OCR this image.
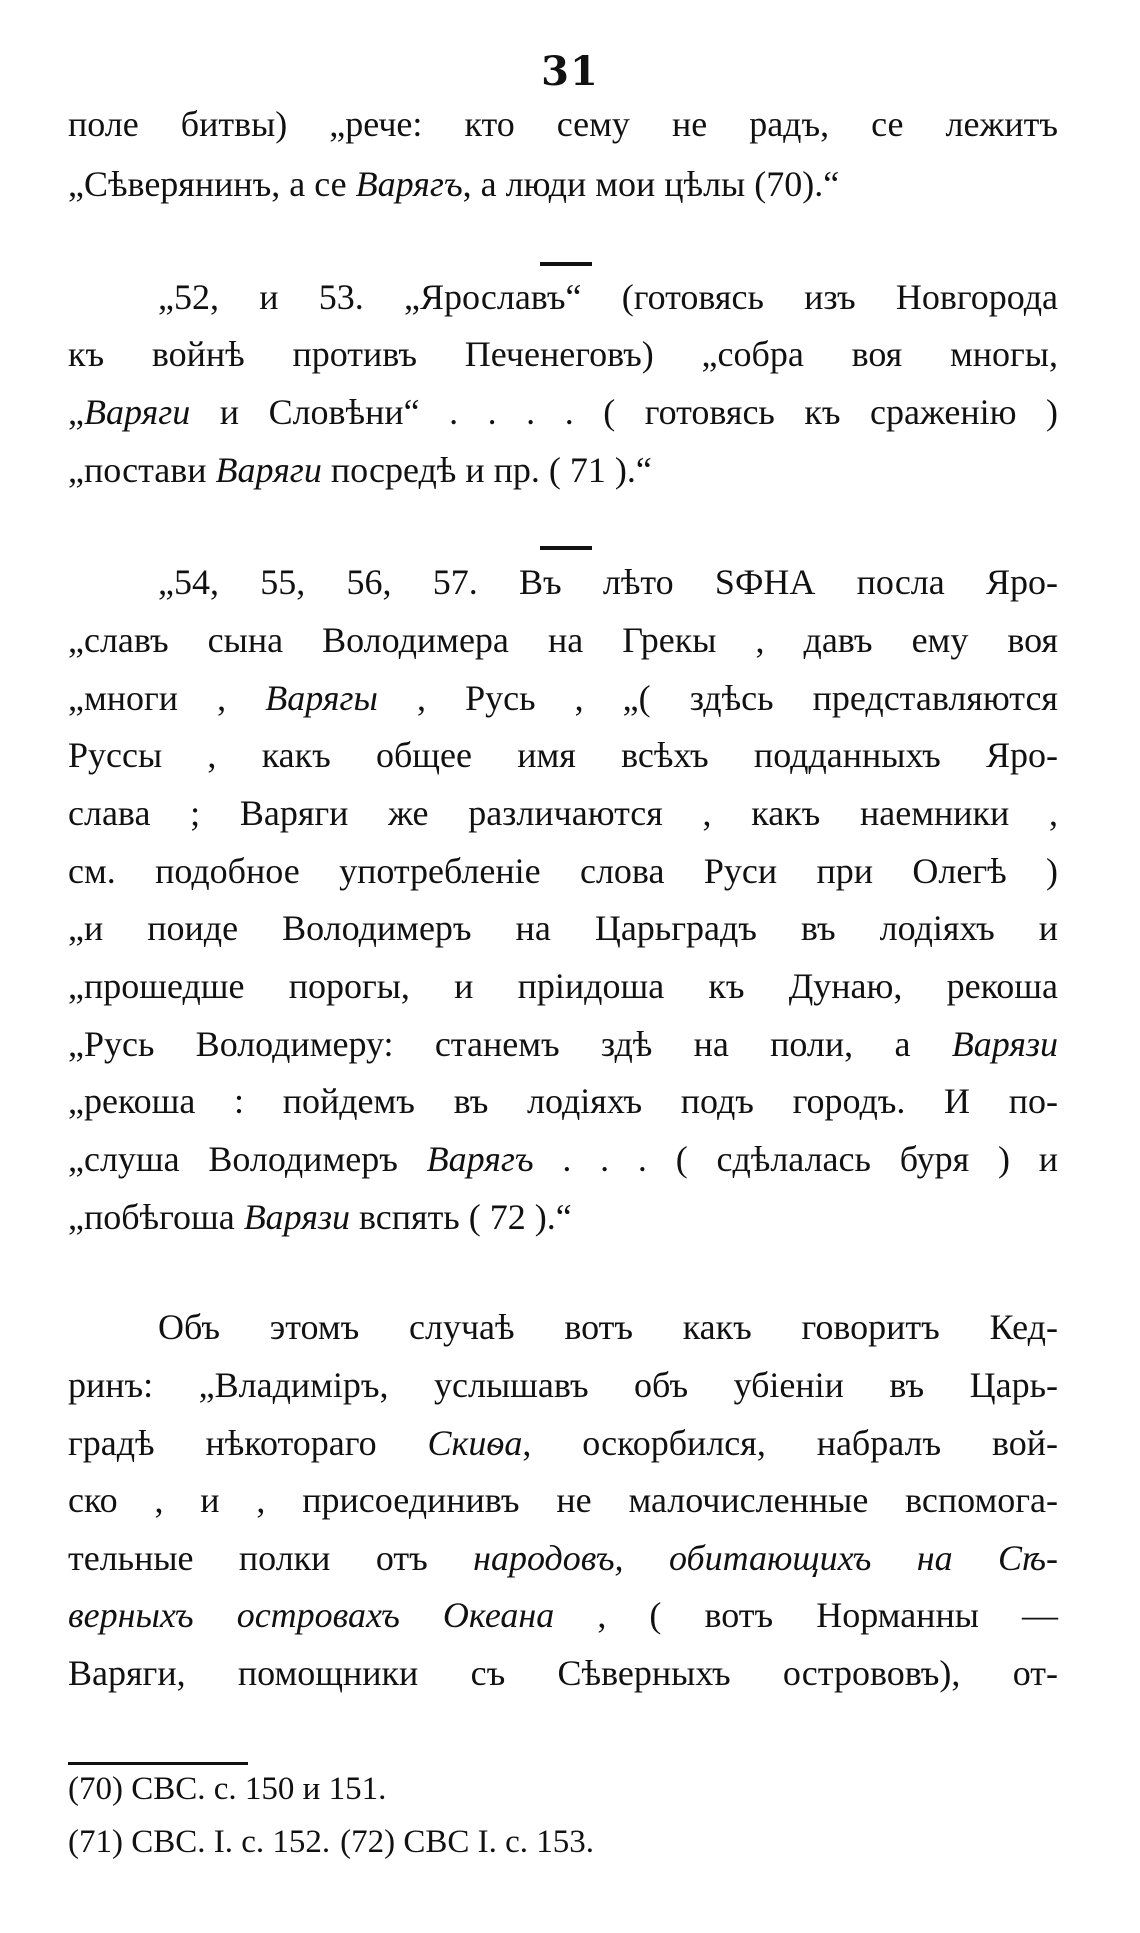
31
поле битвы) „рече: кто сему не радъ, се лежитъ
„Сѣверянинъ, а се Варягъ, а люди мои цѣлы (70).“
„52, и 53. „Ярославъ“ (готовясь изъ Новгорода
къ войнѣ противъ Печенеговъ) „собра воя многы,
„Варяги и Словѣни“ . . . . ( готовясь къ сраженію )
„постави Варяги посредѣ и пр. ( 71 ).“
„54, 55, 56, 57. Въ лѣто SФНА посла Яро-
„славъ сына Володимера на Грекы , давъ ему воя
„многи , Варягы , Русь , „( здѣсь представляются
Руссы , какъ общее имя всѣхъ подданныхъ Яро-
слава ; Варяги же различаются , какъ наемники ,
см. подобное употребленіе слова Руси при Олегѣ )
„и поиде Володимеръ на Царьградъ въ лодіяхъ и
„прошедше порогы, и пріидоша къ Дунаю, рекоша
„Русь Володимеру: станемъ здѣ на поли, а Варязи
„рекоша : пойдемъ въ лодіяхъ подъ городъ. И по-
„слуша Володимеръ Варягъ . . . ( сдѣлалась буря ) и
„побѣгоша Варязи вспять ( 72 ).“
Объ этомъ случаѣ вотъ какъ говоритъ Кед-
ринъ: „Владиміръ, услышавъ объ убіеніи въ Царь-
градѣ нѣкотораго Скиѳа, оскорбился, набралъ вой-
ско , и , присоединивъ не малочисленные вспомога-
тельные полки отъ народовъ, обитающихъ на Сѣ-
верныхъ островахъ Океана , ( вотъ Норманны —
Варяги, помощники съ Сѣверныхъ острововъ), от-
(70) СВС. с. 150 и 151.
(71) СВС. I. с. 152. (72) СВС I. с. 153.
